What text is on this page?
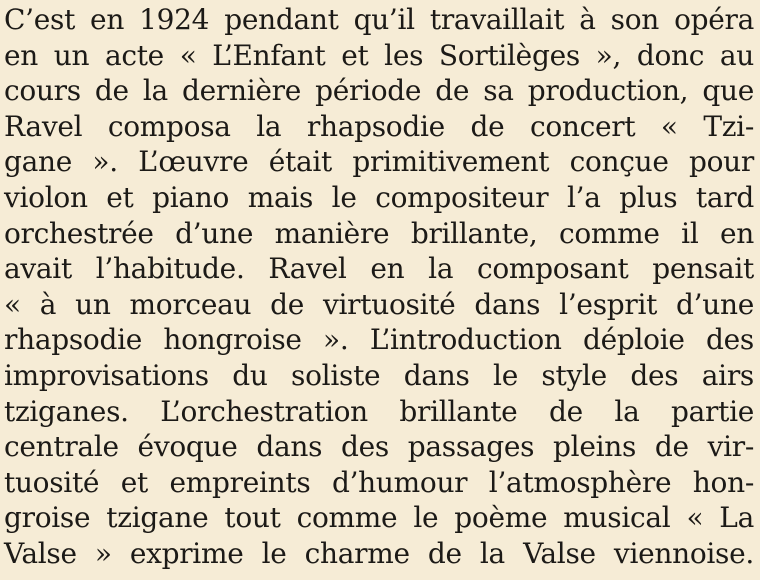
C’est en 1924 pendant qu’il travaillait à son opéra
en un acte « L’Enfant et les Sortilèges », donc au
cours de la dernière période de sa production, que
Ravel composa la rhapsodie de concert « Tzi-
gane ». L’œuvre était primitivement conçue pour
violon et piano mais le compositeur l’a plus tard
orchestrée d’une manière brillante, comme il en
avait l’habitude. Ravel en la composant pensait
« à un morceau de virtuosité dans l’esprit d’une
rhapsodie hongroise ». L’introduction déploie des
improvisations du soliste dans le style des airs
tziganes. L’orchestration brillante de la partie
centrale évoque dans des passages pleins de vir-
tuosité et empreints d’humour l’atmosphère hon-
groise tzigane tout comme le poème musical « La
Valse » exprime le charme de la Valse viennoise.
